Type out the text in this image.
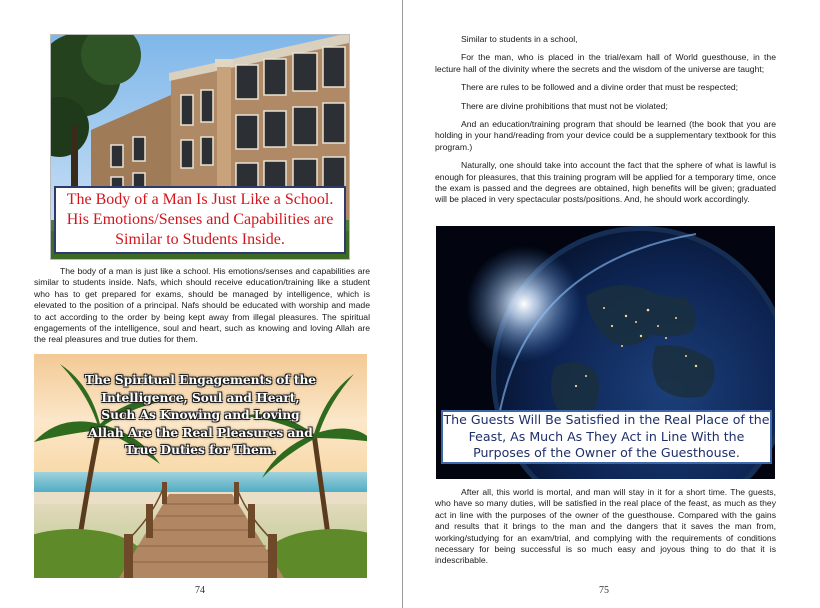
The Body of a Man Is Just Like a School.
His Emotions/Senses and Capabilities are
Similar to Students Inside.

The body of a man is just like a school. His emotions/senses and capabilities are similar to students inside. Nafs, which should receive education/training like a student who has to get prepared for exams, should be managed by intelligence, which is elevated to the position of a principal. Nafs should be educated with worship and made to act according to the order by being kept away from illegal pleasures. The spiritual engagements of the intelligence, soul and heart, such as knowing and loving Allah are the real pleasures and true duties for them.

The Spiritual Engagements of the
Intelligence, Soul and Heart,
Such As Knowing and Loving
Allah Are the Real Pleasures and
True Duties for Them.
74

Similar to students in a school,

For the man, who is placed in the trial/exam hall of World guesthouse, in the lecture hall of the divinity where the secrets and the wisdom of the universe are taught;

There are rules to be followed and a divine order that must be respected;

There are divine prohibitions that must not be violated;

And an education/training program that should be learned (the book that you are holding in your hand/reading from your device could be a supplementary textbook for this program.)

Naturally, one should take into account the fact that the sphere of what is lawful is enough for pleasures, that this training program will be applied for a temporary time, once the exam is passed and the degrees are obtained, high benefits will be given; graduated will be placed in very spectacular posts/positions. And, he should work accordingly.

The Guests Will Be Satisfied in the Real Place of the
Feast, As Much As They Act in Line With the
Purposes of the Owner of the Guesthouse.

After all, this world is mortal, and man will stay in it for a short time. The guests, who have so many duties, will be satisfied in the real place of the feast, as much as they act in line with the purposes of the owner of the guesthouse. Compared with the gains and results that it brings to the man and the dangers that it saves the man from, working/studying for an exam/trial, and complying with the requirements of conditions necessary for being successful is so much easy and joyous thing to do that it is indescribable.

75
